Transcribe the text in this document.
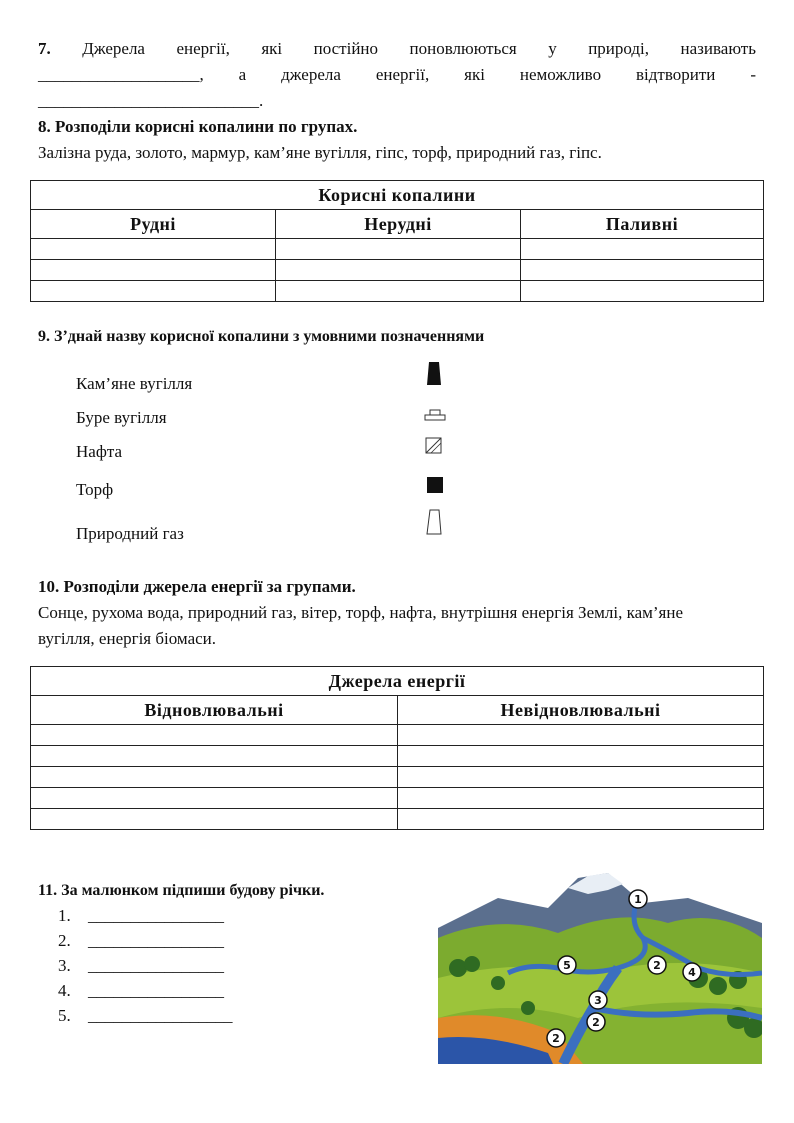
7. Джерела енергії, які постійно поновлюються у природі, називають
___________________, а джерела енергії, які неможливо відтворити -
__________________________.
8. Розподіли корисні копалини по групах.
Залізна руда, золото, мармур, кам’яне вугілля, гіпс, торф, природний газ, гіпс.
Корисні копалини		
Рудні	Нерудні	Паливні

9. З’днай назву корисної копалини з умовними позначеннями
Кам’яне вугілля
Буре вугілля
Нафта
Торф
Природний газ
10. Розподіли джерела енергії за групами.
Сонце, рухома вода, природний газ, вітер, торф, нафта, внутрішня енергія Землі, кам’яне
вугілля, енергія біомаси.
Джерела енергії	
Відновлювальні	Невідновлювальні

11. За малюнком підпиши будову річки.
1.	________________
2.	________________
3.	________________
4.	________________
5.	_________________
1
2
2
2
3
4
5
